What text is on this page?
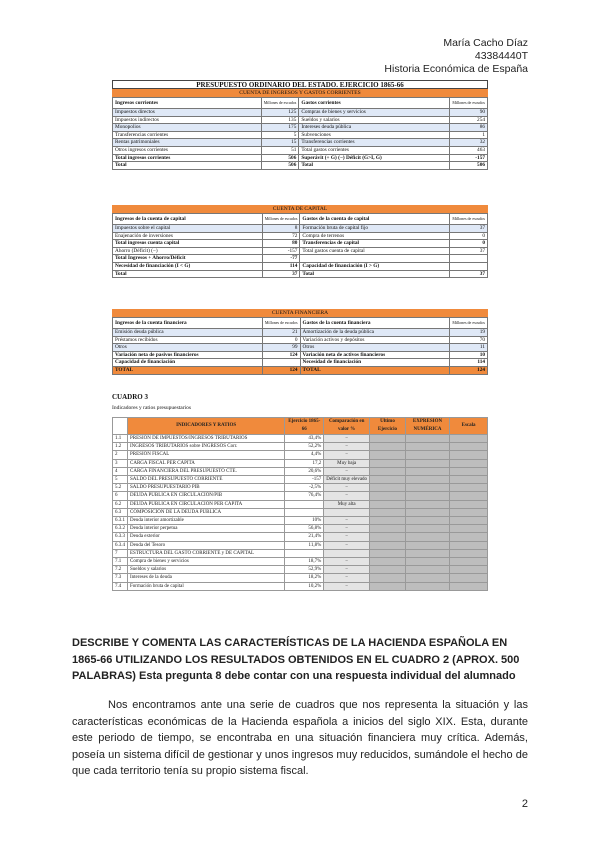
María Cacho Díaz
43384440T
Historia Económica de España
PRESUPUESTO ORDINARIO DEL ESTADO. EJERCICIO 1865-66
CUENTA DE INGRESOS Y GASTOS CORRIENTES
Ingresos corrientes	Millones de escudos	Gastos corrientes	Millones de escudos
Impuestos directos	125	Compras de bienes y servicios	90
Impuestos indirectos	135	Sueldos y salarios	254
Monopolios	175	Intereses deuda pública	86
Transferencias corrientes	5	Subvenciones	1
Rentas patrimoniales	15	Transferencias corrientes	32
Otros ingresos corrientes	51	Total gastos corrientes	463
Total ingresos corrientes	506	Superávit (+ G) (−) Déficit (G>I, G)	-157
Total	506	Total	506
CUENTA DE CAPITAL
Ingresos de la cuenta de capital	Millones de escudos	Gastos de la cuenta de capital	Millones de escudos
Impuestos sobre el capital	8	Formación bruta de capital fijo	37
Enajenación de inversiones	72	Compra de terrenos	0
Total ingresos cuenta capital	80	Transferencias de capital	0
Ahorro (Déficit) (−)	-157	Total gastos cuenta de capital	37
Total Ingresos + Ahorro/Déficit	-77		
Necesidad de financiación (I < G)	114	Capacidad de financiación (I > G)	
Total	37	Total	37
CUENTA FINANCIERA
Ingresos de la cuenta financiera	Millones de escudos	Gastos de la cuenta financiera	Millones de escudos
Emisión deuda pública	21	Amortización de la deuda pública	19
Préstamos recibidos	0	Variación activos y depósitos	70
Otros	99	Otros	11
Variación neta de pasivos financieros	124	Variación neta de activos financieros	10
Capacidad de financiación		Necesidad de financiación	114
TOTAL	124	TOTAL	124
CUADRO 3
Indicadores y ratios presupuestarios
	INDICADORES Y RATIOS	Ejercicio 1865-66	Comparación en valor %	Último Ejercicio	EXPRESIÓN NUMÉRICA	Escala
1.1	PRESIÓN DE IMPUESTOS/INGRESOS TRIBUTARIOS	43,4%	−			
1.2	INGRESOS TRIBUTARIOS sobre INGRESOS Corr.	52,2%	−			
2	PRESIÓN FISCAL	4,4%	−			
3	CARGA FISCAL PER CÁPITA	17,2	Muy baja			
4	CARGA FINANCIERA DEL PRESUPUESTO CTE.	20,6%	−			
5	SALDO DEL PRESUPUESTO CORRIENTE	-157	Déficit muy elevado			
5.2	SALDO PRESUPUESTARIO PIB	-2,5%	−			
6	DEUDA PÚBLICA EN CIRCULACIÓN/PIB	76,4%	−			
6.2	DEUDA PÚBLICA EN CIRCULACIÓN PER CÁPITA		Muy alta			
6.3	COMPOSICIÓN DE LA DEUDA PÚBLICA					
6.3.1	Deuda interior amortizable	10%	−			
6.3.2	Deuda interior perpetua	56,8%	−			
6.3.3	Deuda exterior	21,4%	−			
6.3.4	Deuda del Tesoro	11,8%	−			
7	ESTRUCTURA DEL GASTO CORRIENTE y DE CAPITAL					
7.1	Compra de bienes y servicios	18,7%	−			
7.2	Sueldos y salarios	52,9%	−			
7.3	Intereses de la deuda	18,2%	−			
7.4	Formación bruta de capital	10,2%	−			
DESCRIBE Y COMENTA LAS CARACTERÍSTICAS DE LA HACIENDA ESPAÑOLA EN 1865-66 UTILIZANDO LOS RESULTADOS OBTENIDOS EN EL CUADRO 2 (APROX. 500 PALABRAS) Esta pregunta 8 debe contar con una respuesta individual del alumnado
Nos encontramos ante una serie de cuadros que nos representa la situación y las características económicas de la Hacienda española a inicios del siglo XIX. Esta, durante este periodo de tiempo, se encontraba en una situación financiera muy crítica. Además, poseía un sistema difícil de gestionar y unos ingresos muy reducidos, sumándole el hecho de que cada territorio tenía su propio sistema fiscal.
2
